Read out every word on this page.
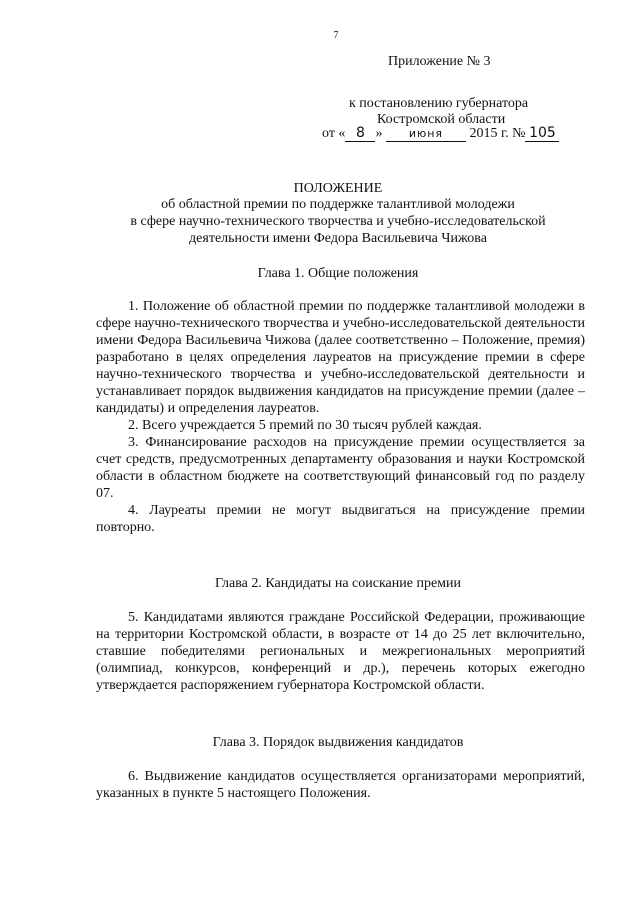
7
Приложение № 3
к постановлению губернатора
Костромской области
от « 8 » июня 2015 г. № 105
ПОЛОЖЕНИЕ
об областной премии по поддержке талантливой молодежи
в сфере научно-технического творчества и учебно-исследовательской
деятельности имени Федора Васильевича Чижова
Глава 1. Общие положения

1. Положение об областной премии по поддержке талантливой молодежи в сфере научно-технического творчества и учебно-исследовательской деятельности имени Федора Васильевича Чижова (далее соответственно – Положение, премия) разработано в целях определения лауреатов на присуждение премии в сфере научно-технического творчества и учебно-исследовательской деятельности и устанавливает порядок выдвижения кандидатов на присуждение премии (далее – кандидаты) и определения лауреатов.

2. Всего учреждается 5 премий по 30 тысяч рублей каждая.

3. Финансирование расходов на присуждение премии осуществляется за счет средств, предусмотренных департаменту образования и науки Костромской области в областном бюджете на соответствующий финансовый год по разделу 07.

4. Лауреаты премии не могут выдвигаться на присуждение премии повторно.

Глава 2. Кандидаты на соискание премии

5. Кандидатами являются граждане Российской Федерации, проживающие на территории Костромской области, в возрасте от 14 до 25 лет включительно, ставшие победителями региональных и межрегиональных мероприятий (олимпиад, конкурсов, конференций и др.), перечень которых ежегодно утверждается распоряжением губернатора Костромской области.

Глава 3. Порядок выдвижения кандидатов

6. Выдвижение кандидатов осуществляется организаторами мероприятий, указанных в пункте 5 настоящего Положения.
